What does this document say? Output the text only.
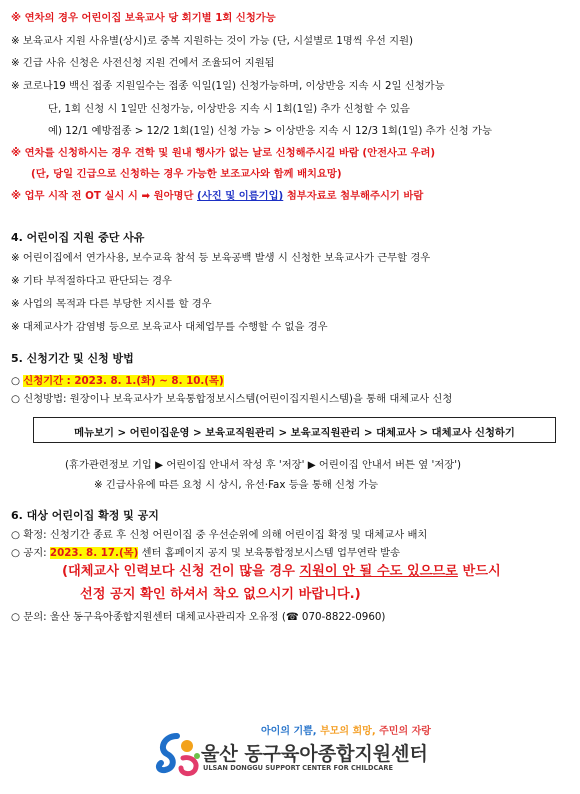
※ 연차의 경우 어린이집 보육교사 당 회기별 1회 신청가능
※ 보육교사 지원 사유별(상시)로 중복 지원하는 것이 가능 (단, 시설별로 1명씩 우선 지원)
※ 긴급 사유 신청은 사전신청 지원 건에서 조율되어 지원됨
※ 코로나19 백신 접종 지원일수는 접종 익일(1일) 신청가능하며, 이상반응 지속 시 2일 신청가능
단, 1회 신청 시 1일만 신청가능, 이상반응 지속 시 1회(1일) 추가 신청할 수 있음
예) 12/1 예방접종 > 12/2 1회(1일) 신청 가능 > 이상반응 지속 시 12/3 1회(1일) 추가 신청 가능
※ 연차를 신청하시는 경우 견학 및 원내 행사가 없는 날로 신청해주시길 바람 (안전사고 우려)
(단, 당일 긴급으로 신청하는 경우 가능한 보조교사와 함께 배치요망)
※ 업무 시작 전 OT 실시 시 ➡ 원아명단 (사진 및 이름기입) 첨부자료로 첨부해주시기 바람
4. 어린이집 지원 중단 사유
※ 어린이집에서 연가사용, 보수교육 참석 등 보육공백 발생 시 신청한 보육교사가 근무할 경우
※ 기타 부적절하다고 판단되는 경우
※ 사업의 목적과 다른 부당한 지시를 할 경우
※ 대체교사가 감염병 등으로 보육교사 대체업무를 수행할 수 없을 경우
5. 신청기간 및 신청 방법
○ 신청기간 : 2023. 8. 1.(화) ~ 8. 10.(목)
○ 신청방법: 원장이나 보육교사가 보육통합정보시스템(어린이집지원시스템)을 통해 대체교사 신청
메뉴보기 > 어린이집운영 > 보육교직원관리 > 보육교직원관리 > 대체교사 > 대체교사 신청하기
(휴가관련정보 기입 ▶ 어린이집 안내서 작성 후 '저장' ▶ 어린이집 안내서 버튼 옆 '저장')
※ 긴급사유에 따른 요청 시 상시, 유선·Fax 등을 통해 신청 가능
6. 대상 어린이집 확정 및 공지
○ 확정: 신청기간 종료 후 신청 어린이집 중 우선순위에 의해 어린이집 확정 및 대체교사 배치
○ 공지: 2023. 8. 17.(목) 센터 홈페이지 공지 및 보육통합정보시스템 업무연락 발송
(대체교사 인력보다 신청 건이 많을 경우 지원이 안 될 수도 있으므로 반드시
선정 공지 확인 하셔서 착오 없으시기 바랍니다.)
○ 문의: 울산 동구육아종합지원센터 대체교사관리자 오유정 (☎ 070-8822-0960)
아이의 기쁨, 부모의 희망, 주민의 자랑
울산 동구육아종합지원센터
ULSAN DONGGU SUPPORT CENTER FOR CHILDCARE
